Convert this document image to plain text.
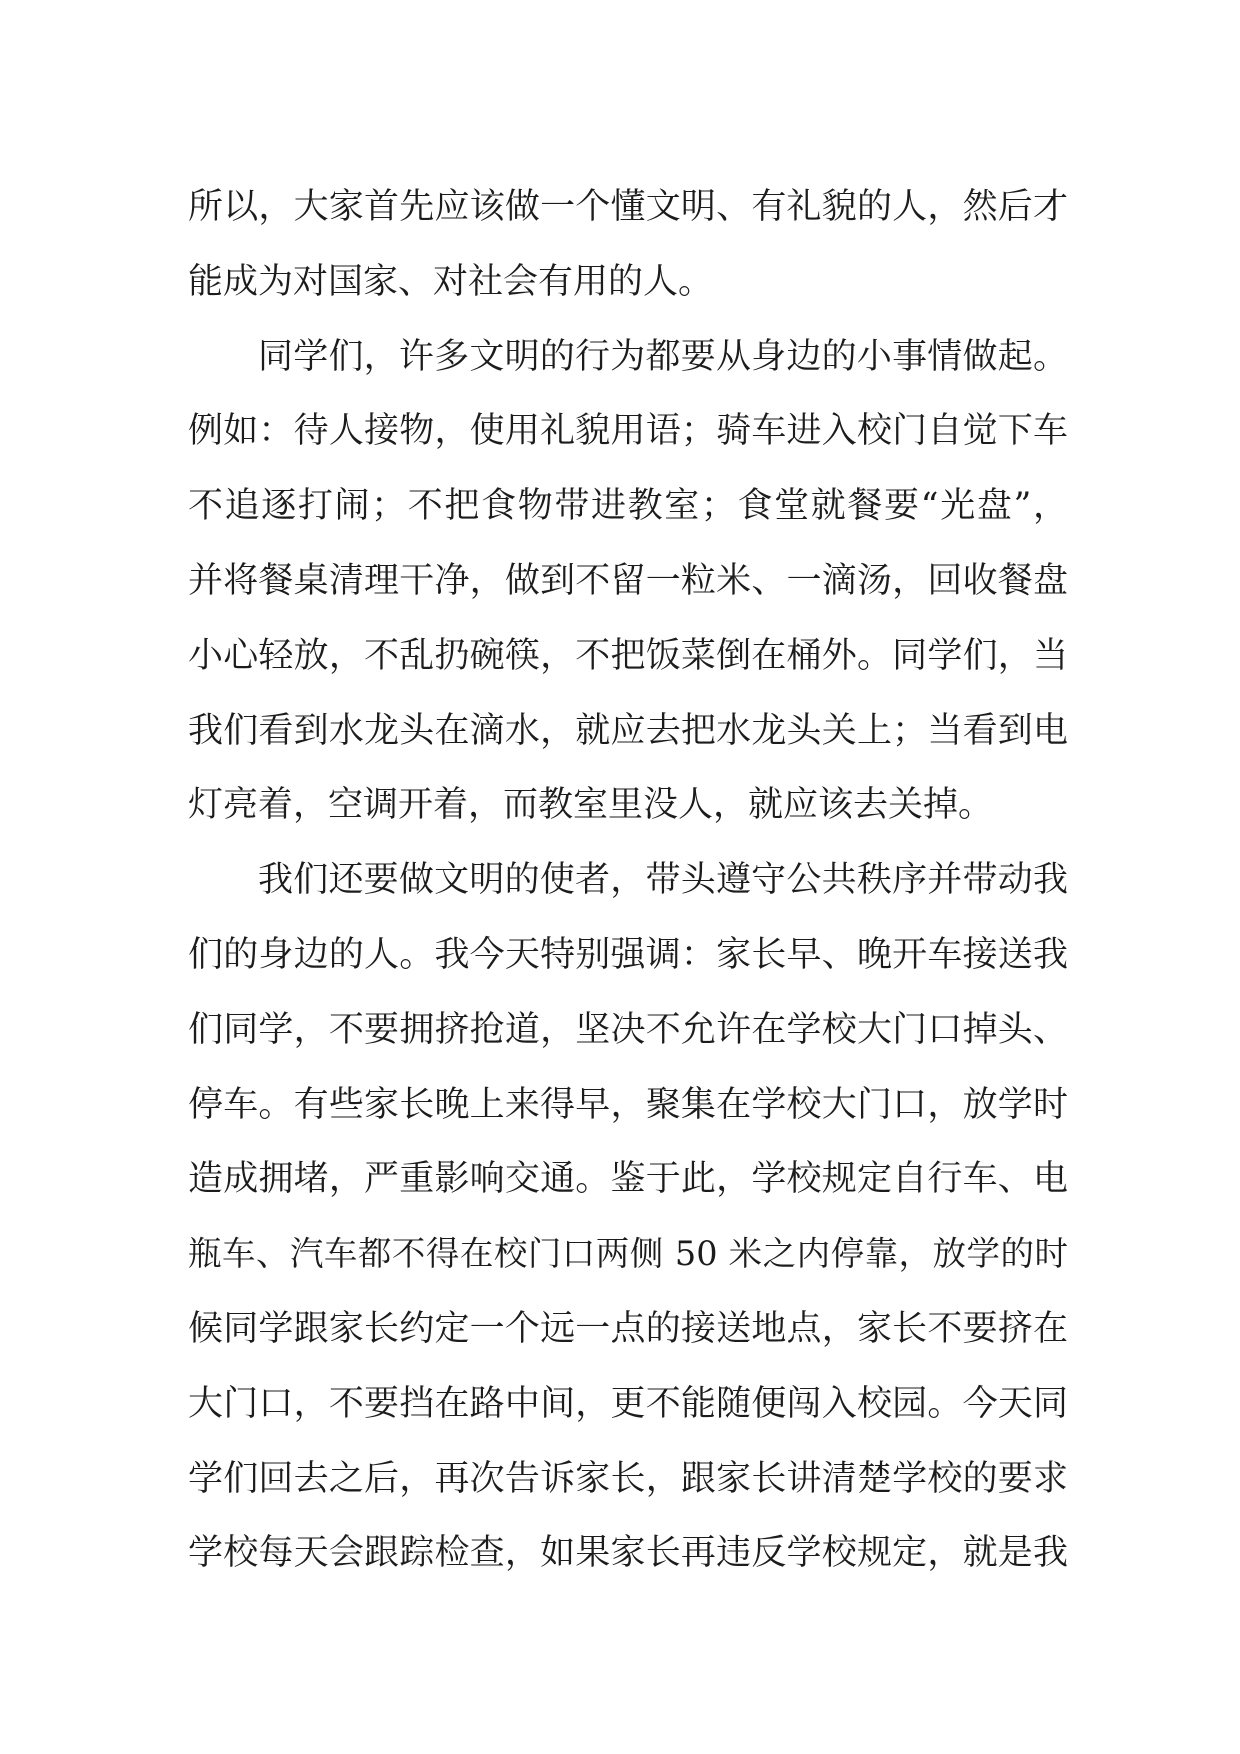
所以，大家首先应该做一个懂文明、有礼貌的人，然后才
能成为对国家、对社会有用的人。
同学们，许多文明的行为都要从身边的小事情做起。
例如：待人接物，使用礼貌用语；骑车进入校门自觉下车
不追逐打闹；不把食物带进教室；食堂就餐要“光盘”，
并将餐桌清理干净，做到不留一粒米、一滴汤，回收餐盘
小心轻放，不乱扔碗筷，不把饭菜倒在桶外。同学们，当
我们看到水龙头在滴水，就应去把水龙头关上；当看到电
灯亮着，空调开着，而教室里没人，就应该去关掉。
我们还要做文明的使者，带头遵守公共秩序并带动我
们的身边的人。我今天特别强调：家长早、晚开车接送我
们同学，不要拥挤抢道，坚决不允许在学校大门口掉头、
停车。有些家长晚上来得早，聚集在学校大门口，放学时
造成拥堵，严重影响交通。鉴于此，学校规定自行车、电
瓶车、汽车都不得在校门口两侧 50 米之内停靠，放学的时
候同学跟家长约定一个远一点的接送地点，家长不要挤在
大门口，不要挡在路中间，更不能随便闯入校园。今天同
学们回去之后，再次告诉家长，跟家长讲清楚学校的要求
学校每天会跟踪检查，如果家长再违反学校规定，就是我
